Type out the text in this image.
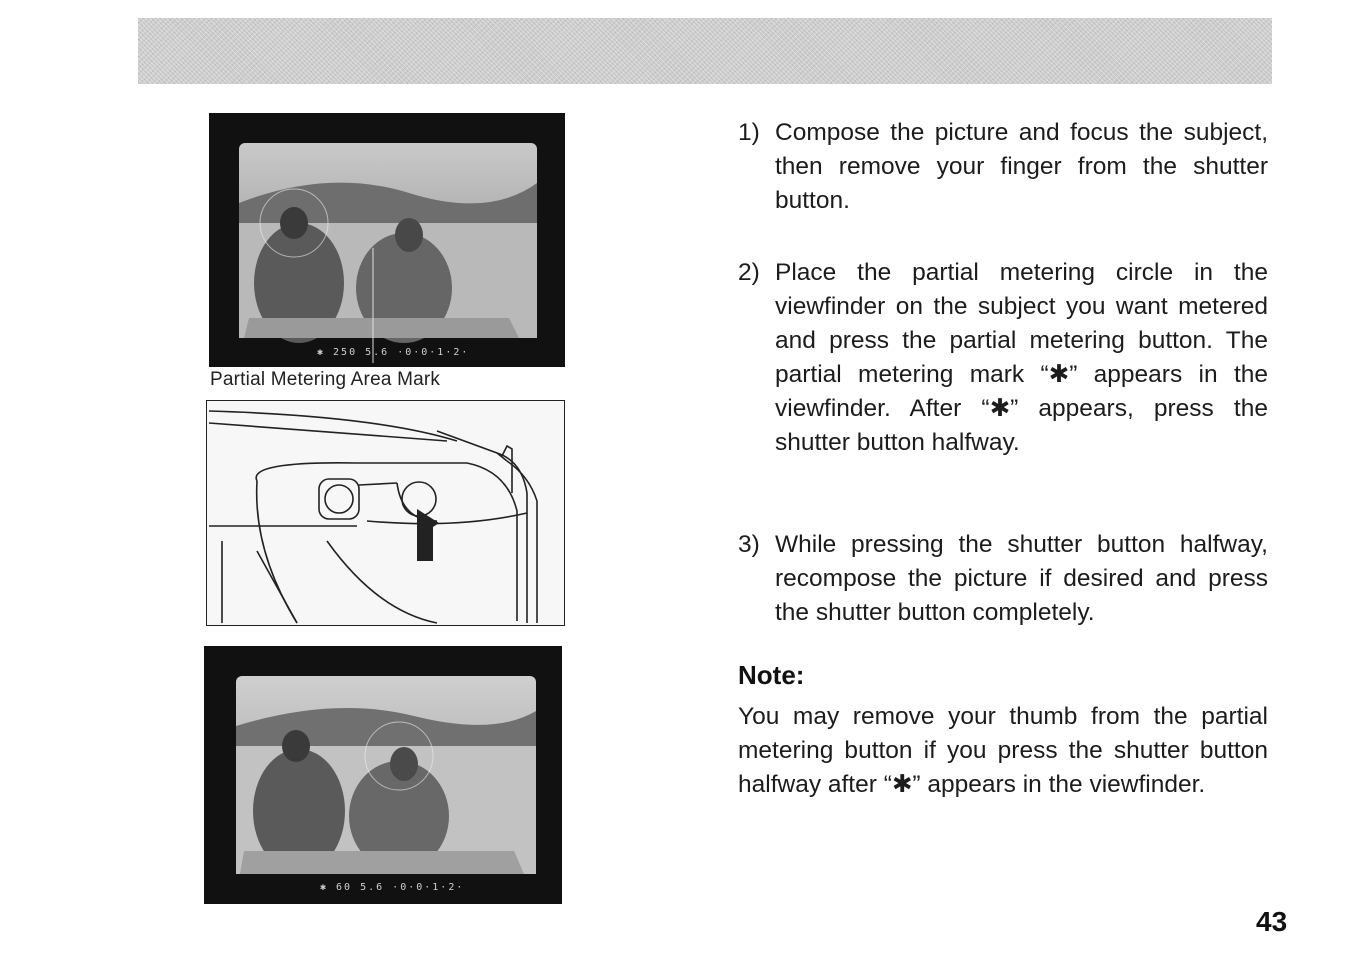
✱ 250 5.6 ·0·0·1·2·
Partial Metering Area Mark
✱ 60 5.6 ·0·0·1·2·
1) Compose the picture and focus the subject, then remove your finger from the shutter button.
2) Place the partial metering circle in the viewfinder on the subject you want metered and press the partial metering button. The partial metering mark “✱” appears in the viewfinder. After “✱” appears, press the shutter button halfway.
3) While pressing the shutter button halfway, recompose the picture if desired and press the shutter button completely.
Note:
You may remove your thumb from the partial metering button if you press the shutter button halfway after “✱” appears in the viewfinder.
43
